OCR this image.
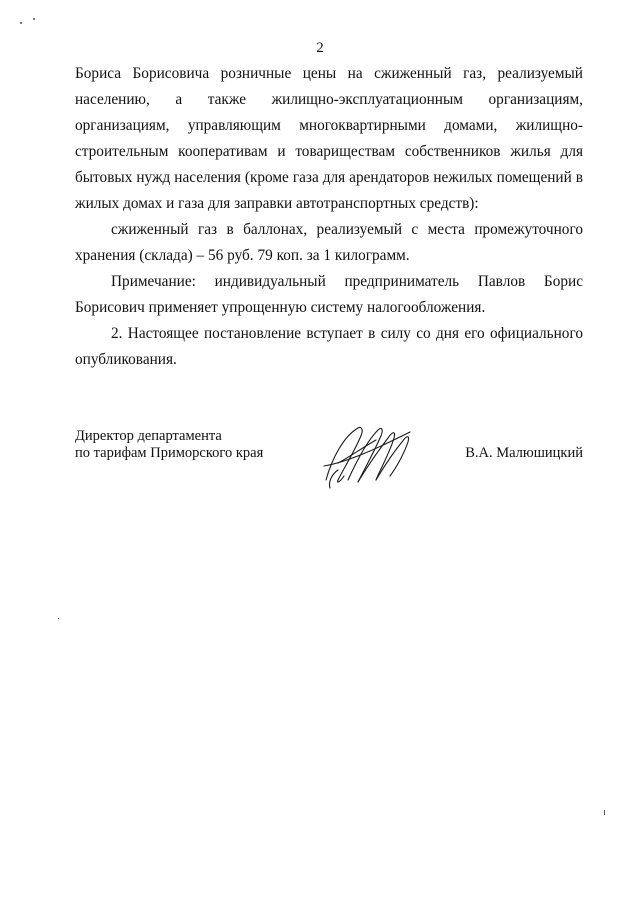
2

Бориса Борисовича розничные цены на сжиженный газ, реализуемый населению, а также жилищно-эксплуатационным организациям, организациям, управляющим многоквартирными домами, жилищно-строительным кооперативам и товариществам собственников жилья для бытовых нужд населения (кроме газа для арендаторов нежилых помещений в жилых домах и газа для заправки автотранспортных средств):

сжиженный газ в баллонах, реализуемый с места промежуточного хранения (склада) – 56 руб. 79 коп. за 1 килограмм.

Примечание: индивидуальный предприниматель Павлов Борис Борисович применяет упрощенную систему налогообложения.

2. Настоящее постановление вступает в силу со дня его официального опубликования.

Директор департамента
по тарифам Приморского края	В.А. Малюшицкий
